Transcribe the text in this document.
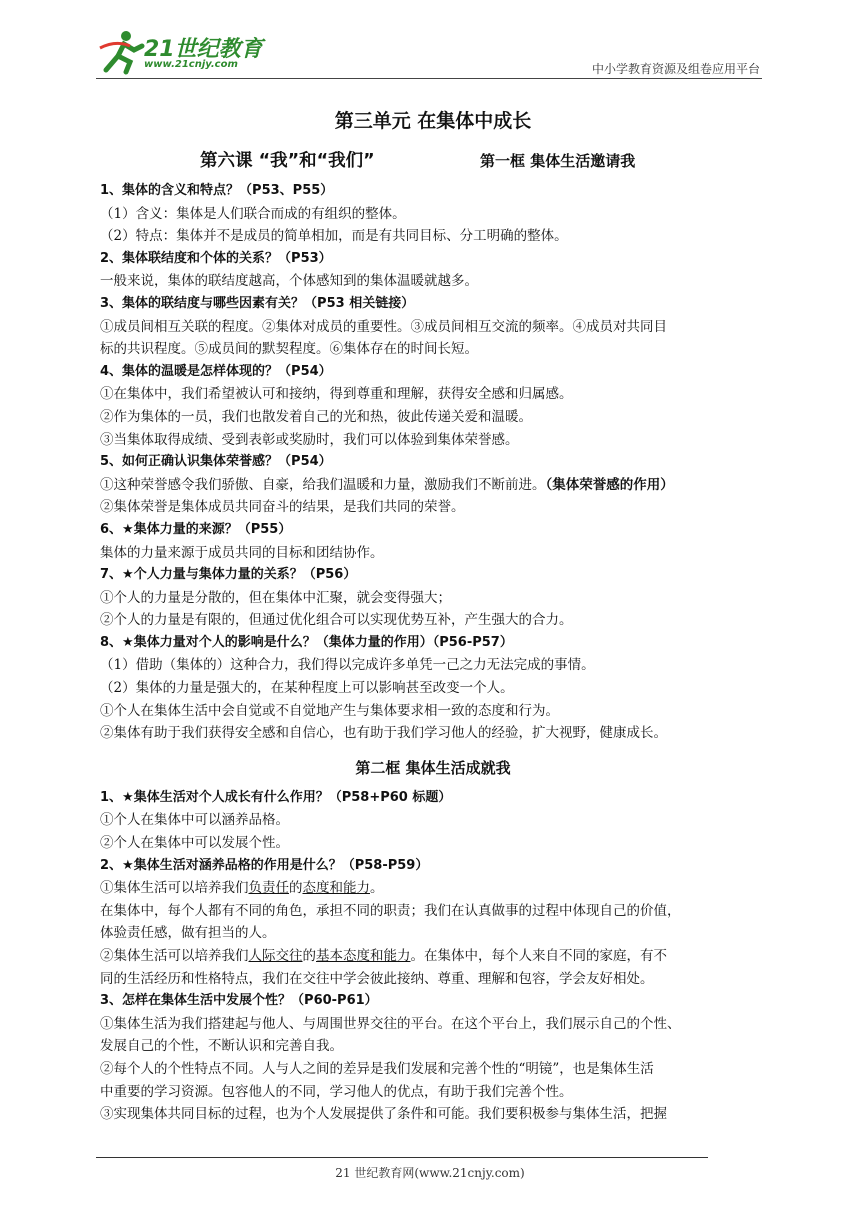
21世纪教育
www.21cnjy.com	中小学教育资源及组卷应用平台
第三单元 在集体中成长
第六课 “我”和“我们”	第一框 集体生活邀请我
1、集体的含义和特点？（P53、P55）
（1）含义：集体是人们联合而成的有组织的整体。
（2）特点：集体并不是成员的简单相加，而是有共同目标、分工明确的整体。
2、集体联结度和个体的关系？（P53）
一般来说，集体的联结度越高，个体感知到的集体温暖就越多。
3、集体的联结度与哪些因素有关？（P53 相关链接）
①成员间相互关联的程度。②集体对成员的重要性。③成员间相互交流的频率。④成员对共同目
标的共识程度。⑤成员间的默契程度。⑥集体存在的时间长短。
4、集体的温暖是怎样体现的？（P54）
①在集体中，我们希望被认可和接纳，得到尊重和理解，获得安全感和归属感。
②作为集体的一员，我们也散发着自己的光和热，彼此传递关爱和温暖。
③当集体取得成绩、受到表彰或奖励时，我们可以体验到集体荣誉感。
5、如何正确认识集体荣誉感？（P54）
①这种荣誉感令我们骄傲、自豪，给我们温暖和力量，激励我们不断前进。（集体荣誉感的作用）
②集体荣誉是集体成员共同奋斗的结果，是我们共同的荣誉。
6、★集体力量的来源？（P55）
集体的力量来源于成员共同的目标和团结协作。
7、★个人力量与集体力量的关系？（P56）
①个人的力量是分散的，但在集体中汇聚，就会变得强大；
②个人的力量是有限的，但通过优化组合可以实现优势互补，产生强大的合力。
8、★集体力量对个人的影响是什么？（集体力量的作用）（P56-P57）
（1）借助（集体的）这种合力，我们得以完成许多单凭一己之力无法完成的事情。
（2）集体的力量是强大的，在某种程度上可以影响甚至改变一个人。
①个人在集体生活中会自觉或不自觉地产生与集体要求相一致的态度和行为。
②集体有助于我们获得安全感和自信心，也有助于我们学习他人的经验，扩大视野，健康成长。
第二框 集体生活成就我
1、★集体生活对个人成长有什么作用？（P58+P60 标题）
①个人在集体中可以涵养品格。
②个人在集体中可以发展个性。
2、★集体生活对涵养品格的作用是什么？（P58-P59）
①集体生活可以培养我们负责任的态度和能力。
在集体中，每个人都有不同的角色，承担不同的职责；我们在认真做事的过程中体现自己的价值，
体验责任感，做有担当的人。
②集体生活可以培养我们人际交往的基本态度和能力。在集体中，每个人来自不同的家庭，有不
同的生活经历和性格特点，我们在交往中学会彼此接纳、尊重、理解和包容，学会友好相处。
3、怎样在集体生活中发展个性？（P60-P61）
①集体生活为我们搭建起与他人、与周围世界交往的平台。在这个平台上，我们展示自己的个性、
发展自己的个性，不断认识和完善自我。
②每个人的个性特点不同。人与人之间的差异是我们发展和完善个性的“明镜”，也是集体生活
中重要的学习资源。包容他人的不同，学习他人的优点，有助于我们完善个性。
③实现集体共同目标的过程，也为个人发展提供了条件和可能。我们要积极参与集体生活，把握
21 世纪教育网(www.21cnjy.com)
